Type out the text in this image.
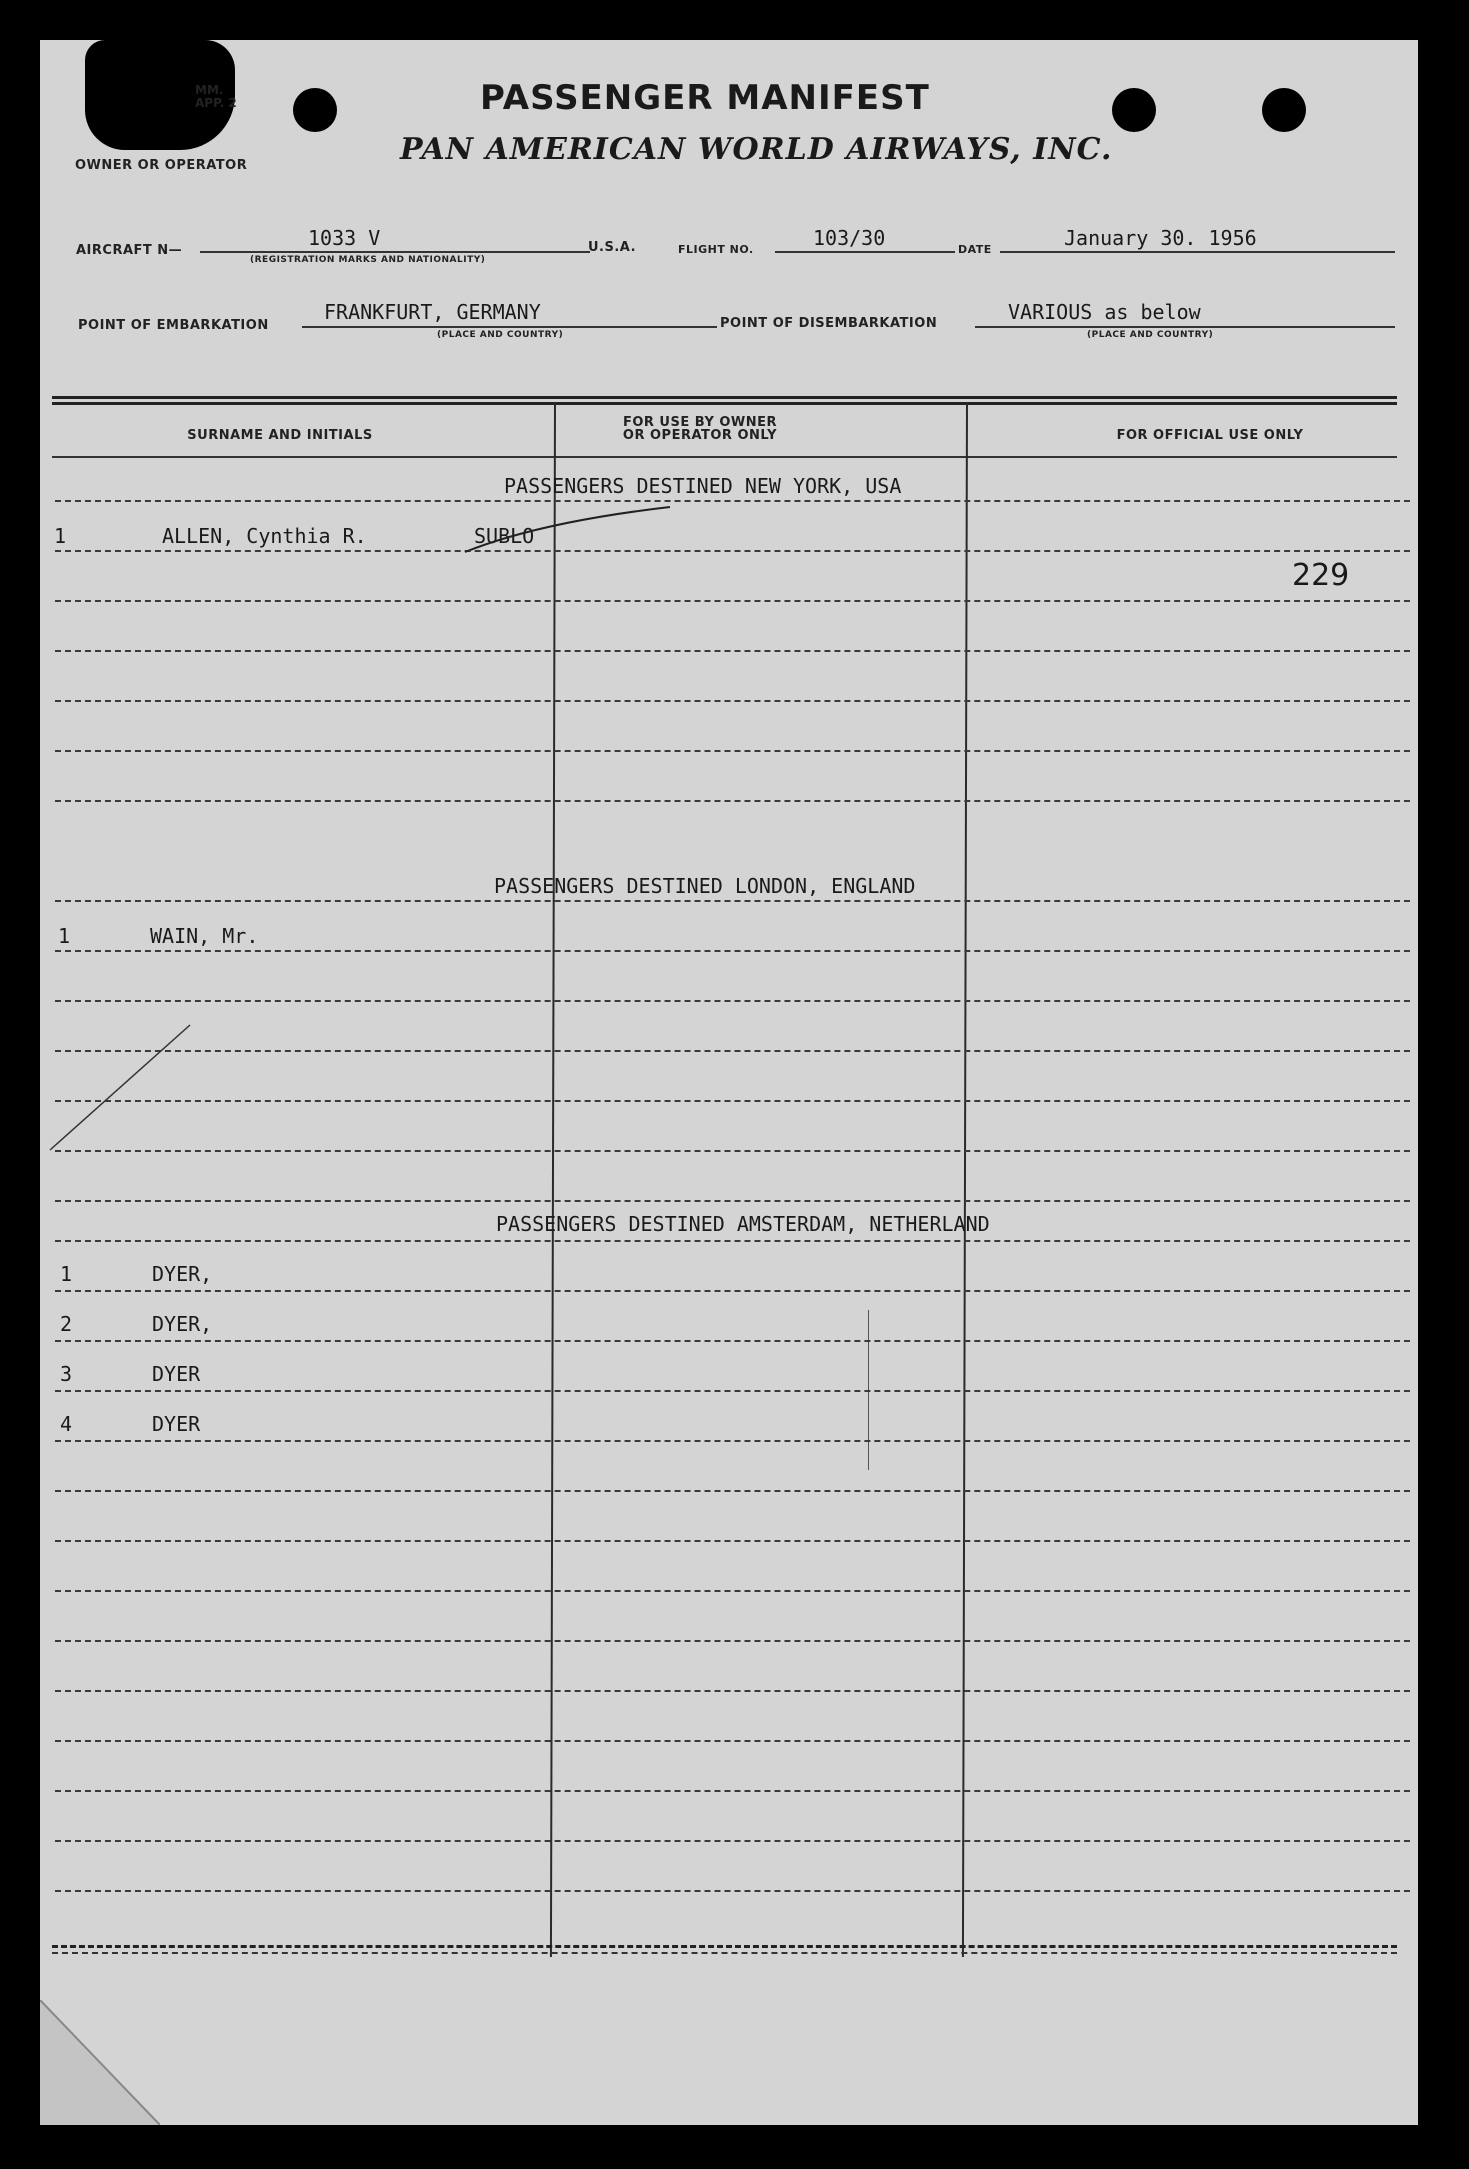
MM.
APP. 2
OWNER OR OPERATOR
PASSENGER MANIFEST
PAN AMERICAN WORLD AIRWAYS, INC.
AIRCRAFT N—
1033 V
(REGISTRATION MARKS AND NATIONALITY)
U.S.A.	FLIGHT NO.	103/30	DATE	January 30. 1956
POINT OF EMBARKATION
FRANKFURT, GERMANY
(PLACE AND COUNTRY)
POINT OF DISEMBARKATION	VARIOUS as below
(PLACE AND COUNTRY)
SURNAME AND INITIALS
FOR USE BY OWNER
OR OPERATOR ONLY	FOR OFFICIAL USE ONLY
PASSENGERS DESTINED NEW YORK, USA
1	ALLEN, Cynthia R.	SUBLO
229
PASSENGERS DESTINED LONDON, ENGLAND
1	WAIN, Mr.
PASSENGERS DESTINED AMSTERDAM, NETHERLAND
1	DYER,
2	DYER,
3	DYER
4	DYER
